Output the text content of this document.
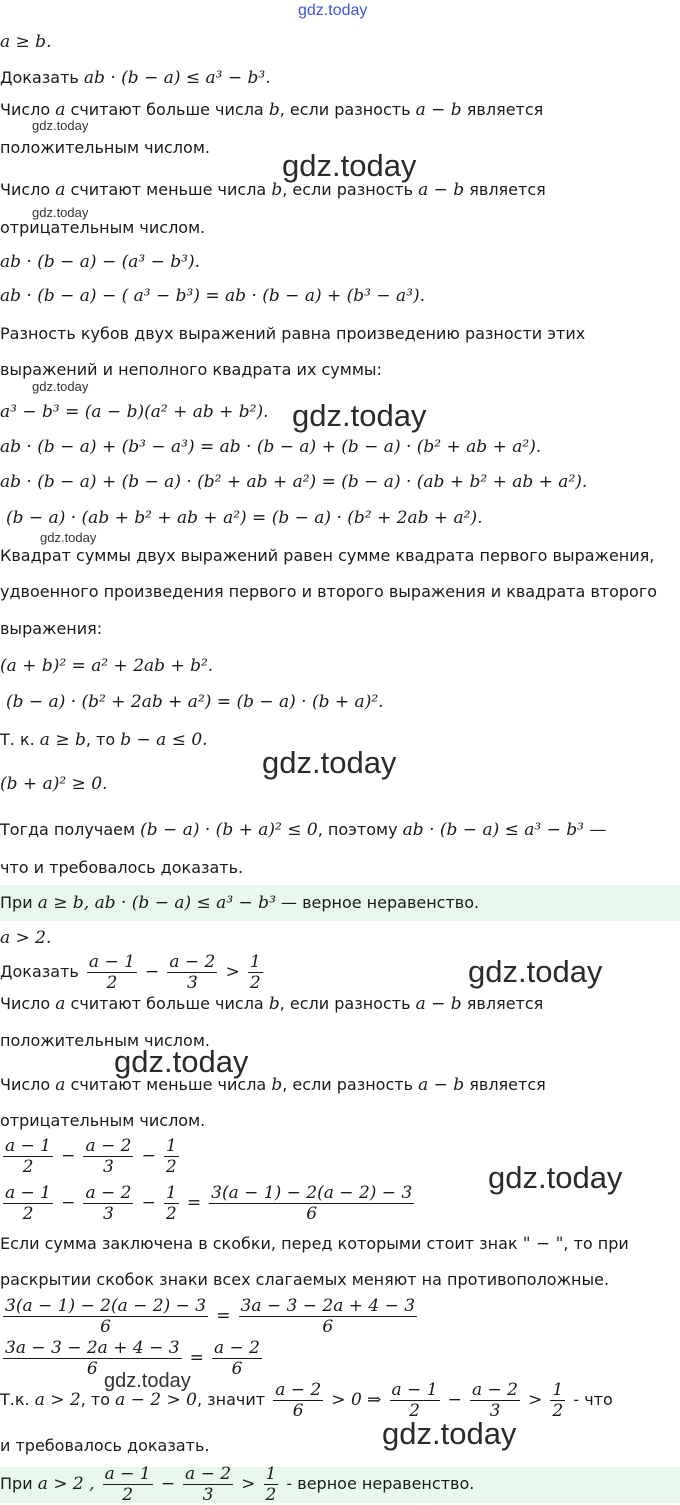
gdz.today
a ≥ b.
Доказать ab · (b − a) ≤ a³ − b³.
Число a считают больше числа b, если разность a − b является
gdz.today
положительным числом.
gdz.today
Число a считают меньше числа b, если разность a − b является
gdz.today
отрицательным числом.
ab · (b − a) − (a³ − b³).
ab · (b − a) − ( a³ − b³) = ab · (b − a) + (b³ − a³).
Разность кубов двух выражений равна произведению разности этих
выражений и неполного квадрата их суммы:
gdz.today
a³ − b³ = (a − b)(a² + ab + b²). gdz.today
ab · (b − a) + (b³ − a³) = ab · (b − a) + (b − a) · (b² + ab + a²).
ab · (b − a) + (b − a) · (b² + ab + a²) = (b − a) · (ab + b² + ab + a²).
(b − a) · (ab + b² + ab + a²) = (b − a) · (b² + 2ab + a²).
gdz.today
Квадрат суммы двух выражений равен сумме квадрата первого выражения,
удвоенного произведения первого и второго выражения и квадрата второго
выражения:
(a + b)² = a² + 2ab + b².
(b − a) · (b² + 2ab + a²) = (b − a) · (b + a)².
Т. к. a ≥ b, то b − a ≤ 0.
gdz.today
(b + a)² ≥ 0.
Тогда получаем (b − a) · (b + a)² ≤ 0, поэтому ab · (b − a) ≤ a³ − b³ —
что и требовалось доказать.
При a ≥ b, ab · (b − a) ≤ a³ − b³ — верное неравенство.
a > 2.
Доказать $\frac{a - 1}{2} - \frac{a - 2}{3} > \frac{1}{2}$	gdz.today
Число a считают больше числа b, если разность a − b является
положительным числом.
gdz.today
Число a считают меньше числа b, если разность a − b является
отрицательным числом.
$\frac{a - 1}{2} - \frac{a - 2}{3} - \frac{1}{2}$
$\frac{a - 1}{2} - \frac{a - 2}{3} - \frac{1}{2} = \frac{3(a - 1) - 2(a - 2) - 3}{6}$
gdz.today
Если сумма заключена в скобки, перед которыми стоит знак " − ", то при
раскрытии скобок знаки всех слагаемых меняют на противоположные.
$\frac{3(a - 1) - 2(a - 2) - 3}{6} = \frac{3a - 3 - 2a + 4 - 3}{6}$
$\frac{3a - 3 - 2a + 4 - 3}{6} = \frac{a - 2}{6}$
gdz.today
Т.к. a > 2, то a − 2 > 0, значит $\frac{a - 2}{6} > 0$ ⇒ $\frac{a - 1}{2} - \frac{a - 2}{3} > \frac{1}{2}$ - что
и требовалось доказать.	gdz.today
При a > 2 , $\frac{a - 1}{2} - \frac{a - 2}{3} > \frac{1}{2}$ - верное неравенство.
